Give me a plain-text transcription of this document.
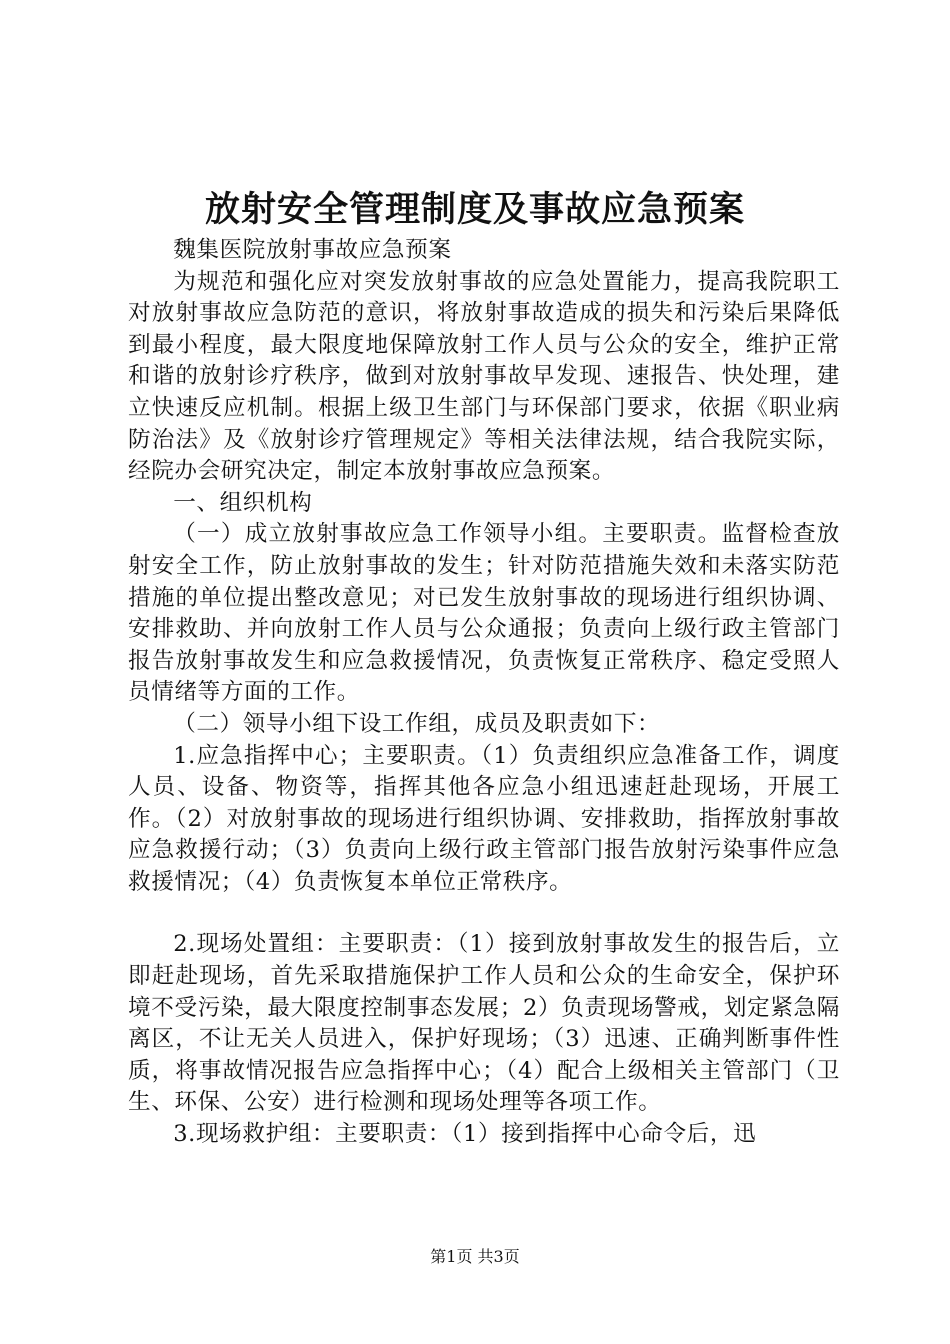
放射安全管理制度及事故应急预案

魏集医院放射事故应急预案

为规范和强化应对突发放射事故的应急处置能力，提高我院职工对放射事故应急防范的意识，将放射事故造成的损失和污染后果降低到最小程度，最大限度地保障放射工作人员与公众的安全，维护正常和谐的放射诊疗秩序，做到对放射事故早发现、速报告、快处理，建立快速反应机制。根据上级卫生部门与环保部门要求，依据《职业病防治法》及《放射诊疗管理规定》等相关法律法规，结合我院实际，经院办会研究决定，制定本放射事故应急预案。

一、组织机构

（一）成立放射事故应急工作领导小组。主要职责。监督检查放射安全工作，防止放射事故的发生；针对防范措施失效和未落实防范措施的单位提出整改意见；对已发生放射事故的现场进行组织协调、安排救助、并向放射工作人员与公众通报；负责向上级行政主管部门报告放射事故发生和应急救援情况，负责恢复正常秩序、稳定受照人员情绪等方面的工作。

（二）领导小组下设工作组，成员及职责如下：

1.应急指挥中心；主要职责。（1）负责组织应急准备工作，调度人员、设备、物资等，指挥其他各应急小组迅速赶赴现场，开展工作。（2）对放射事故的现场进行组织协调、安排救助，指挥放射事故应急救援行动；（3）负责向上级行政主管部门报告放射污染事件应急救援情况；（4）负责恢复本单位正常秩序。

2.现场处置组：主要职责：（1）接到放射事故发生的报告后，立即赶赴现场，首先采取措施保护工作人员和公众的生命安全，保护环境不受污染，最大限度控制事态发展；2）负责现场警戒，划定紧急隔离区，不让无关人员进入，保护好现场；（3）迅速、正确判断事件性质，将事故情况报告应急指挥中心；（4）配合上级相关主管部门（卫生、环保、公安）进行检测和现场处理等各项工作。

3.现场救护组：主要职责：（1）接到指挥中心命令后，迅

第1页 共3页
